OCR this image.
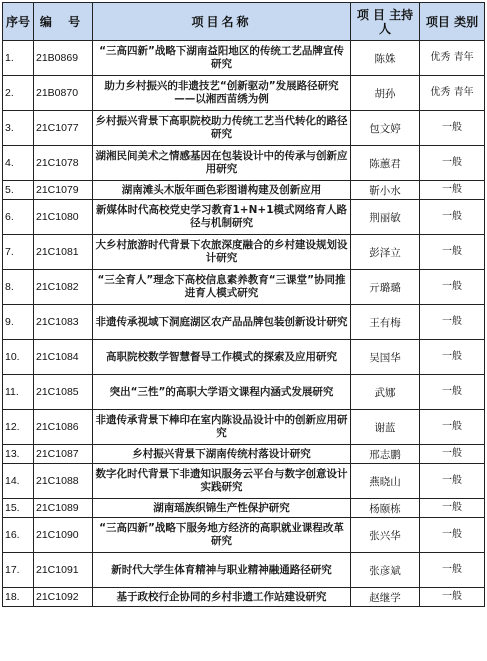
序号	编 号	项目名称	项 目 主持人	项目 类别
1.	21B0869	“三高四新”战略下湖南益阳地区的传统工艺品牌宣传研究	陈姝	优秀 青年
2.	21B0870	助力乡村振兴的非遗技艺“创新驱动”发展路径研究——以湘西苗绣为例	胡孙	优秀 青年
3.	21C1077	乡村振兴背景下高职院校助力传统工艺当代转化的路径研究	包文婷	一般
4.	21C1078	湖湘民间美术之情感基因在包装设计中的传承与创新应用研究	陈蕙君	一般
5.	21C1079	湖南滩头木版年画色彩图谱构建及创新应用	靳小水	一般
6.	21C1080	新媒体时代高校党史学习教育1+N+1模式网络育人路径与机制研究	荆丽敏	一般
7.	21C1081	大乡村旅游时代背景下农旅深度融合的乡村建设规划设计研究	彭泽立	一般
8.	21C1082	“三全育人”理念下高校信息素养教育“三课堂”协同推进育人模式研究	亓璐璐	一般
9.	21C1083	非遗传承视域下洞庭湖区农产品品牌包装创新设计研究	王有梅	一般
10.	21C1084	高职院校数学智慧督导工作模式的探索及应用研究	吴国华	一般
11.	21C1085	突出“三性”的高职大学语文课程内涵式发展研究	武娜	一般
12.	21C1086	非遗传承背景下棒印在室内陈设品设计中的创新应用研究	谢蓝	一般
13.	21C1087	乡村振兴背景下湖南传统村落设计研究	邢志鹏	一般
14.	21C1088	数字化时代背景下非遗知识服务云平台与数字创意设计实践研究	燕晓山	一般
15.	21C1089	湖南瑶族织锦生产性保护研究	杨颐栋	一般
16.	21C1090	“三高四新”战略下服务地方经济的高职就业课程改革研究	张兴华	一般
17.	21C1091	新时代大学生体育精神与职业精神融通路径研究	张彦斌	一般
18.	21C1092	基于政校行企协同的乡村非遗工作站建设研究	赵继学	一般
